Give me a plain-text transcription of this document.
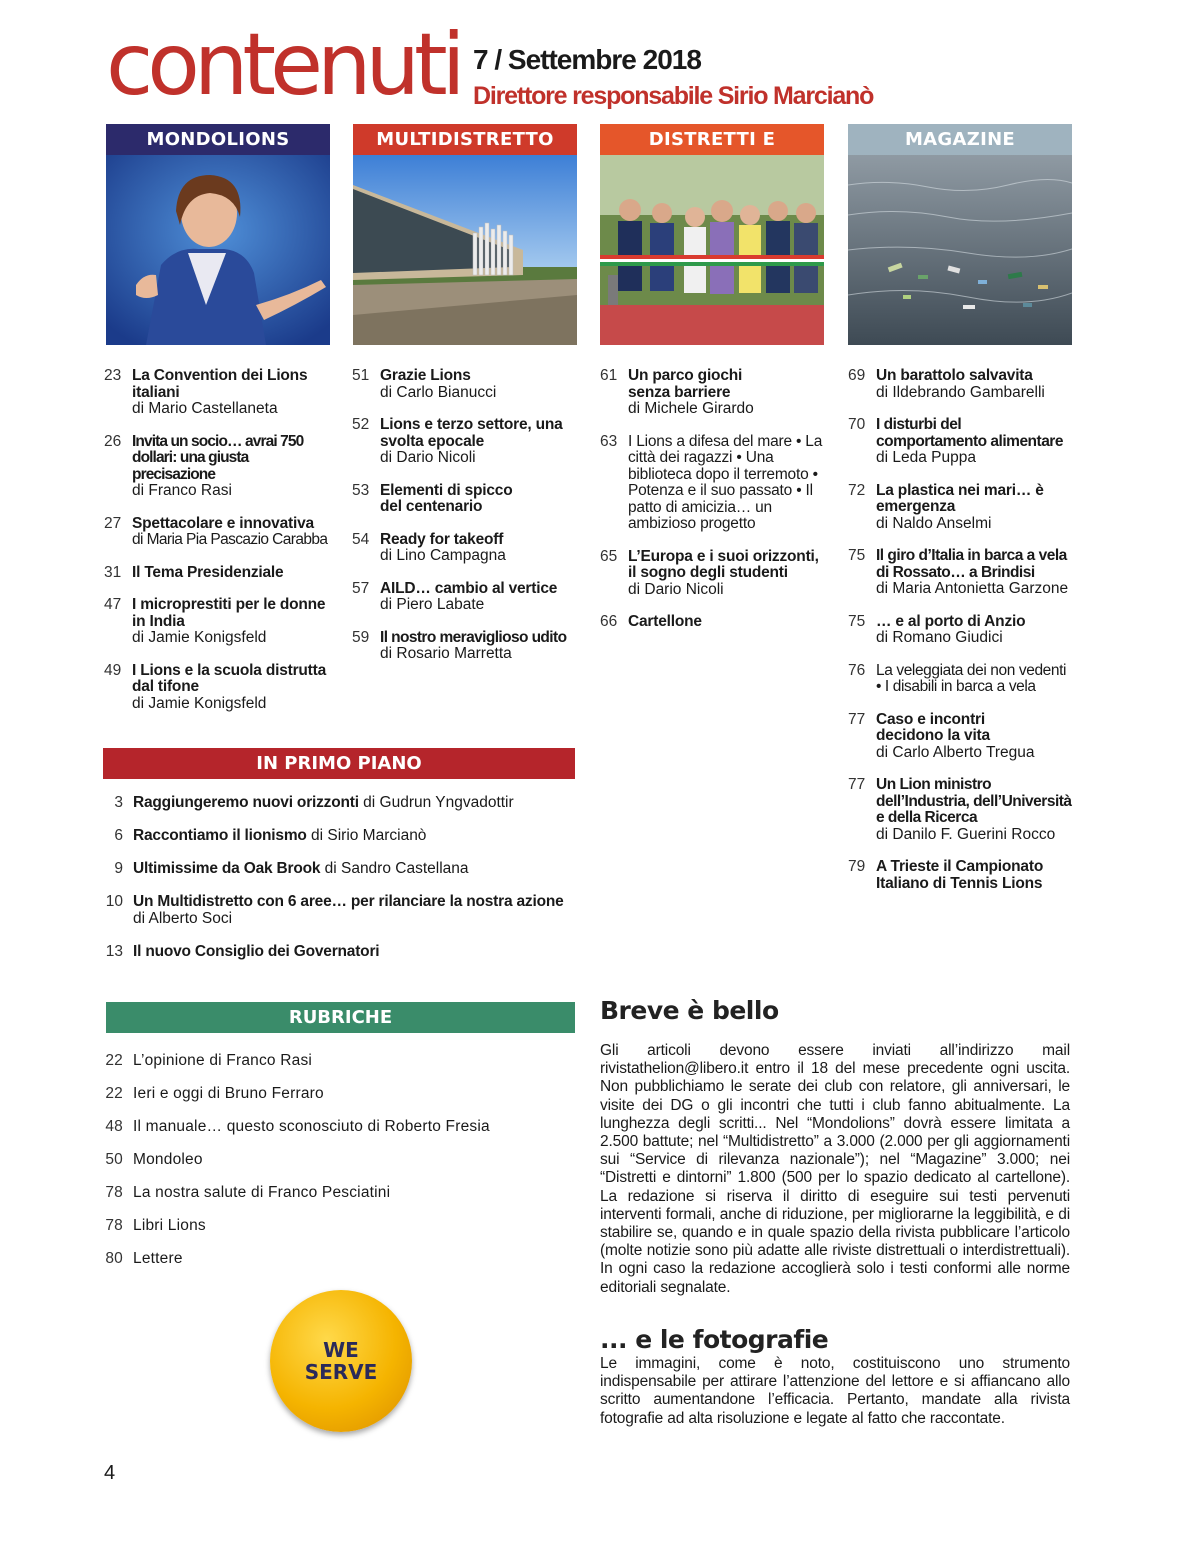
contenuti 7 / Settembre 2018
Direttore responsabile Sirio Marcianò
MONDOLIONS	MULTIDISTRETTO	DISTRETTI E	MAGAZINE
23 La Convention dei Lions italiani
di Mario Castellaneta
26 Invita un socio… avrai 750 dollari: una giusta precisazione
di Franco Rasi
27 Spettacolare e innovativa
di Maria Pia Pascazio Carabba
31 Il Tema Presidenziale
47 I microprestiti per le donne in India
di Jamie Konigsfeld
49 I Lions e la scuola distrutta dal tifone
di Jamie Konigsfeld
51 Grazie Lions
di Carlo Bianucci
52 Lions e terzo settore, una svolta epocale
di Dario Nicoli
53 Elementi di spicco del centenario
54 Ready for takeoff
di Lino Campagna
57 AILD… cambio al vertice
di Piero Labate
59 Il nostro meraviglioso udito
di Rosario Marretta
61 Un parco giochi senza barriere
di Michele Girardo
63 I Lions a difesa del mare • La città dei ragazzi • Una biblioteca dopo il terremoto • Potenza e il suo passato • Il patto di amicizia… un ambizioso progetto
65 L’Europa e i suoi orizzonti, il sogno degli studenti
di Dario Nicoli
66 Cartellone
69 Un barattolo salvavita
di Ildebrando Gambarelli
70 I disturbi del comportamento alimentare
di Leda Puppa
72 La plastica nei mari… è emergenza
di Naldo Anselmi
75 Il giro d’Italia in barca a vela di Rossato… a Brindisi
di Maria Antonietta Garzone
75 … e al porto di Anzio
di Romano Giudici
76 La veleggiata dei non vedenti • I disabili in barca a vela
77 Caso e incontri decidono la vita
di Carlo Alberto Tregua
77 Un Lion ministro dell’Industria, dell’Università e della Ricerca
di Danilo F. Guerini Rocco
79 A Trieste il Campionato Italiano di Tennis Lions
IN PRIMO PIANO
3 Raggiungeremo nuovi orizzonti di Gudrun Yngvadottir
6 Raccontiamo il lionismo di Sirio Marcianò
9 Ultimissime da Oak Brook di Sandro Castellana
10 Un Multidistretto con 6 aree… per rilanciare la nostra azione
di Alberto Soci
13 Il nuovo Consiglio dei Governatori
RUBRICHE
22 L’opinione di Franco Rasi
22 Ieri e oggi di Bruno Ferraro
48 Il manuale… questo sconosciuto di Roberto Fresia
50 Mondoleo
78 La nostra salute di Franco Pesciatini
78 Libri Lions
80 Lettere
WE
SERVE
Breve è bello
Gli articoli devono essere inviati all’indirizzo mail rivistathelion@libero.it entro il 18 del mese precedente ogni uscita. Non pubblichiamo le serate dei club con relatore, gli anniversari, le visite dei DG o gli incontri che tutti i club fanno abitualmente. La lunghezza degli scritti... Nel “Mondolions” dovrà essere limitata a 2.500 battute; nel “Multidistretto” a 3.000 (2.000 per gli aggiornamenti sui “Service di rilevanza nazionale”); nel “Magazine” 3.000; nei “Distretti e dintorni” 1.800 (500 per lo spazio dedicato al cartellone). La redazione si riserva il diritto di eseguire sui testi pervenuti interventi formali, anche di riduzione, per migliorarne la leggibilità, e di stabilire se, quando e in quale spazio della rivista pubblicare l’articolo (molte notizie sono più adatte alle riviste distrettuali o interdistrettuali). In ogni caso la redazione accoglierà solo i testi conformi alle norme editoriali segnalate.
... e le fotografie
Le immagini, come è noto, costituiscono uno strumento indispensabile per attirare l’attenzione del lettore e si affiancano allo scritto aumentandone l’efficacia. Pertanto, mandate alla rivista fotografie ad alta risoluzione e legate al fatto che raccontate.
4
